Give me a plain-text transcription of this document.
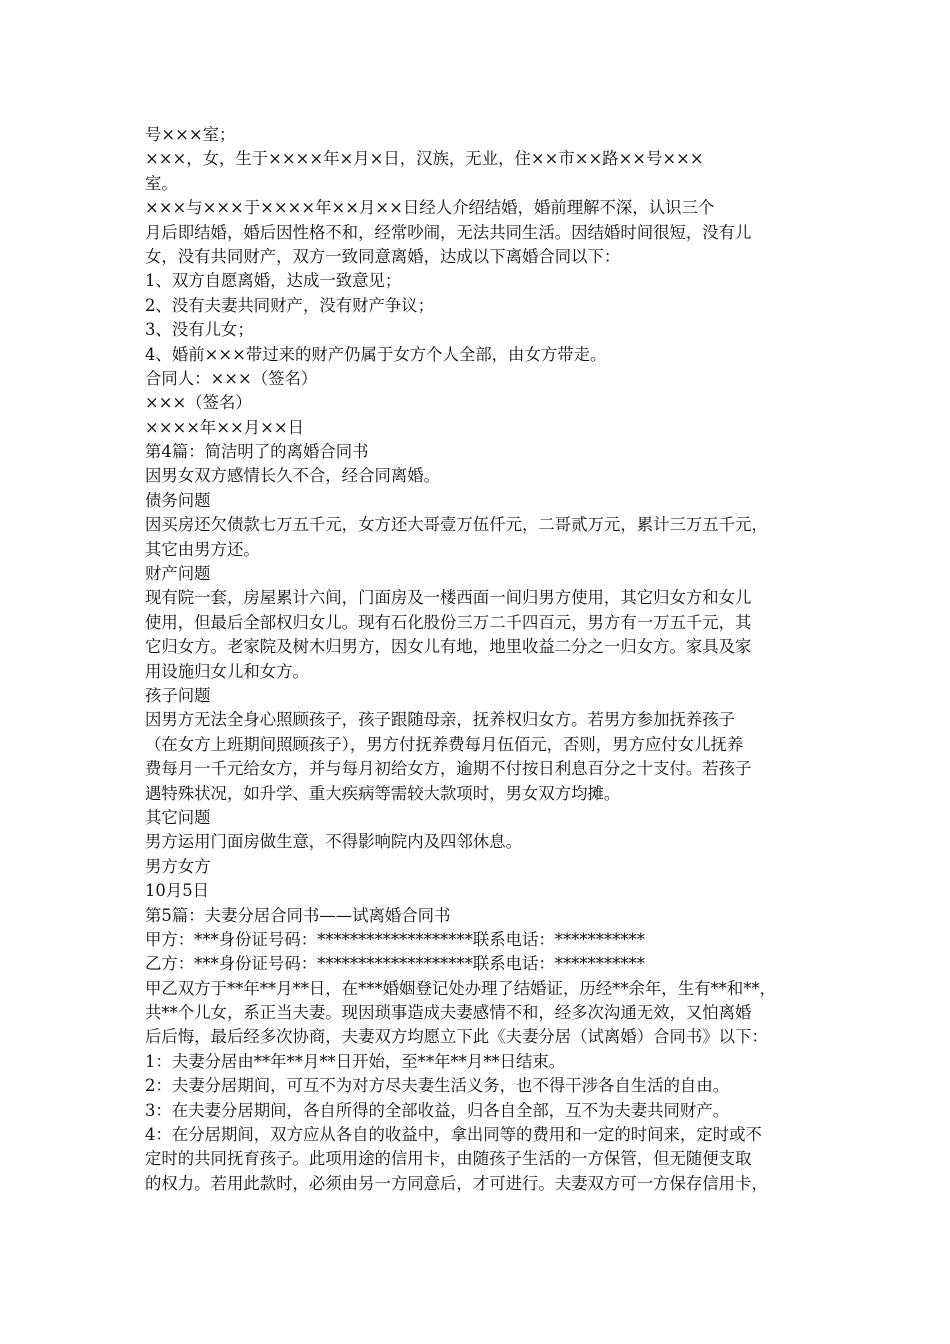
号×××室；
×××，女，生于××××年×月×日，汉族，无业，住××市××路××号×××
室。
×××与×××于××××年××月××日经人介绍结婚，婚前理解不深，认识三个
月后即结婚，婚后因性格不和，经常吵闹，无法共同生活。因结婚时间很短，没有儿
女，没有共同财产，双方一致同意离婚，达成以下离婚合同以下：
1、双方自愿离婚，达成一致意见；
2、没有夫妻共同财产，没有财产争议；
3、没有儿女；
4、婚前×××带过来的财产仍属于女方个人全部，由女方带走。
合同人：×××（签名）
×××（签名）
××××年××月××日
第4篇：简洁明了的离婚合同书
因男女双方感情长久不合，经合同离婚。
债务问题
因买房还欠债款七万五千元，女方还大哥壹万伍仟元，二哥贰万元，累计三万五千元，
其它由男方还。
财产问题
现有院一套，房屋累计六间，门面房及一楼西面一间归男方使用，其它归女方和女儿
使用，但最后全部权归女儿。现有石化股份三万二千四百元，男方有一万五千元，其
它归女方。老家院及树木归男方，因女儿有地，地里收益二分之一归女方。家具及家
用设施归女儿和女方。
孩子问题
因男方无法全身心照顾孩子，孩子跟随母亲，抚养权归女方。若男方参加抚养孩子
（在女方上班期间照顾孩子），男方付抚养费每月伍佰元，否则，男方应付女儿抚养
费每月一千元给女方，并与每月初给女方，逾期不付按日利息百分之十支付。若孩子
遇特殊状况，如升学、重大疾病等需较大款项时，男女双方均摊。
其它问题
男方运用门面房做生意，不得影响院内及四邻休息。
男方女方
10月5日
第5篇：夫妻分居合同书——试离婚合同书
甲方：***身份证号码：*******************联系电话：***********
乙方：***身份证号码：*******************联系电话：***********
甲乙双方于**年**月**日，在***婚姻登记处办理了结婚证，历经**余年，生有**和**，
共**个儿女，系正当夫妻。现因琐事造成夫妻感情不和，经多次沟通无效，又怕离婚
后后悔，最后经多次协商，夫妻双方均愿立下此《夫妻分居（试离婚）合同书》以下：
1：夫妻分居由**年**月**日开始，至**年**月**日结束。
2：夫妻分居期间，可互不为对方尽夫妻生活义务，也不得干涉各自生活的自由。
3：在夫妻分居期间，各自所得的全部收益，归各自全部，互不为夫妻共同财产。
4：在分居期间，双方应从各自的收益中，拿出同等的费用和一定的时间来，定时或不
定时的共同抚育孩子。此项用途的信用卡，由随孩子生活的一方保管，但无随便支取
的权力。若用此款时，必须由另一方同意后，才可进行。夫妻双方可一方保存信用卡，
